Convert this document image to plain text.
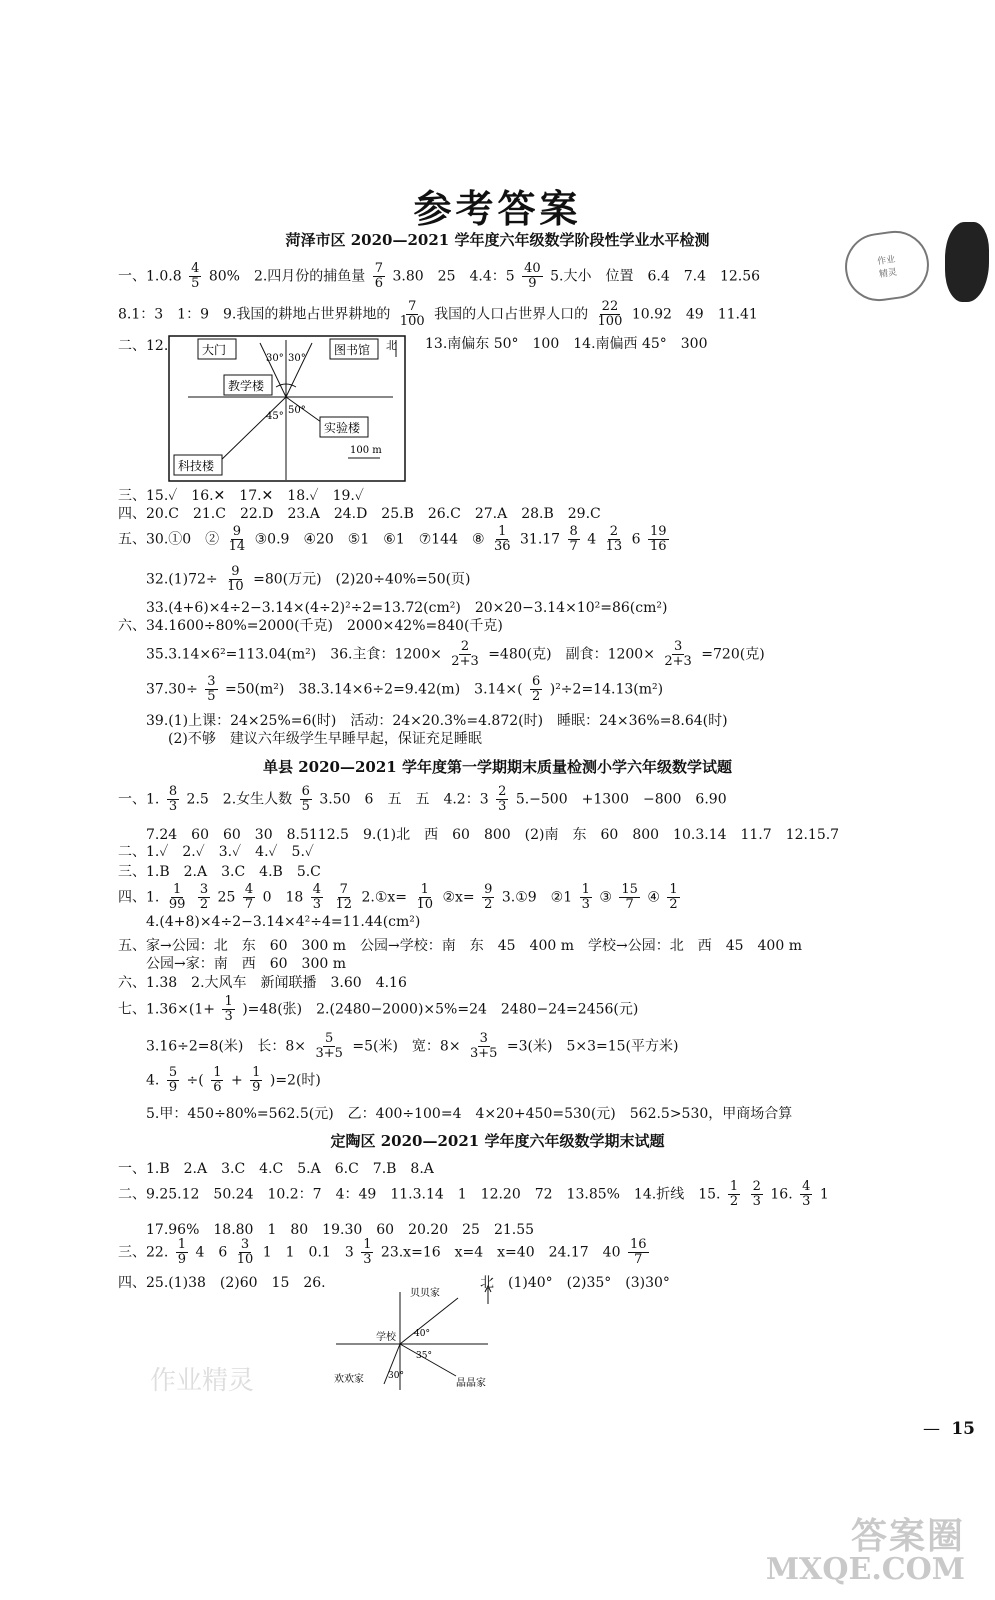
参考答案
作业
精灵
菏泽市区 2020—2021 学年度六年级数学阶段性学业水平检测
一、$1.0.8 \frac{4}{5} 80\%$　 2.四月份的捕鱼量 $\frac{7}{6} 3.80$　25　4.4：$5 \frac{40}{9} 5$.大小　位置　6.4　7.4　12.56
8.1：3　1：9　9.我国的耕地占世界耕地的 $\frac{7}{100}$ 我国的人口占世界人口的 $\frac{22}{100} 10.92$　49　11.41
二、12.	13.南偏东 50°　100　14.南偏西 45°　300
大门	图书馆 北
教学楼
实验楼
科技楼
100 m
30° 30°
45°
50°
三、15.✓　16.✕　17.✕　18.✓　19.✓
四、20.C　21.C　22.D　23.A　24.D　25.B　26.C　27.A　28.B　29.C
五、30.①0　② $\frac{9}{14}$ ③0.9　④20　⑤1　⑥1　⑦144　⑧ $\frac{1}{36} 31.17 \frac{8}{7} 4 \frac{2}{13} 6 \frac{19}{16}$
$32.(1)72\div \frac{9}{10} =80$(万元)　(2)20÷40%=50(页)
33.(4+6)×4÷2−3.14×(4÷2)²÷2=13.72(cm²)　20×20−3.14×10²=86(cm²)
六、34.1600÷80%=2000(千克)　2000×42%=840(千克)
35.3.14×6²=113.04(m²)　36.主食：$1200\times \frac{2}{2+3} =480$(克)　副食：$1200\times \frac{3}{2+3} =720$(克)
$37.30\div \frac{3}{5} =50(m^2)$　38.3.14×6÷2=9.42(m)　$3.14\times( \frac{6}{2} )^2\div 2=14.13(m^2)$
39.(1)上课：24×25%=6(时)　活动：24×20.3%=4.872(时)　睡眠：24×36%=8.64(时)
(2)不够　建议六年级学生早睡早起，保证充足睡眠
单县 2020—2021 学年度第一学期期末质量检测小学六年级数学试题
一、1. $\frac{8}{3} 2.5$　2.女生人数 $\frac{6}{5} 3.50$　6　五　五　4.2：$3 \frac{2}{3} 5.-500$　+1300　−800　6.90
7.24　60　60　30　8.5112.5　9.(1)北　西　60　800　(2)南　东　60　800　10.3.14　11.7　12.15.7
二、1.✓　2.✓　3.✓　4.✓　5.✓
三、1.B　2.A　3.C　4.B　5.C
四、1. $\frac{1}{99}$
$\frac{3}{2} 25 \frac{4}{7} 0$　$18 \frac{4}{3}$
$\frac{7}{12}$ 2.①x= $\frac{1}{10}$ ②x= $\frac{9}{2}$ 3.①9　②1 $\frac{1}{3}$ ③ $\frac{15}{7}$ ④ $\frac{1}{2}$
4.(4+8)×4÷2−3.14×4²÷4=11.44(cm²)
五、家→公园：北　东　60　300 m　公园→学校：南　东　45　400 m　学校→公园：北　西　45　400 m
公园→家：南　西　60　300 m
六、1.38　2.大风车　新闻联播　3.60　4.16
七、$1.36\times(1+ \frac{1}{3} )=48$(张)　2.(2480−2000)×5%=24　2480−24=2456(元)
3.16÷2=8(米)　长：$8\times \frac{5}{3+5} =5$(米)　宽：$8\times \frac{3}{3+5} =3$(米)　5×3=15(平方米)
4. $\frac{5}{9}$ ÷( $\frac{1}{6} + \frac{1}{9} )=2$(时)
5.甲：450÷80%=562.5(元)　乙：400÷100=4　4×20+450=530(元)　562.5>530，甲商场合算
定陶区 2020—2021 学年度六年级数学期末试题
一、1.B　2.A　3.C　4.C　5.A　6.C　7.B　8.A
二、9.25.12　50.24　10.2：7　4：49　11.3.14　1　12.20　72　13.85%　14.折线　15. $\frac{1}{2}$
$\frac{2}{3} 16$. $\frac{4}{3} 1$
17.96%　18.80　1　80　19.30　60　20.20　25　21.55
三、22. $\frac{1}{9} 4$　$6 \frac{3}{10} 1$　1　0.1　$3 \frac{1}{3} 23.x=16$　x=4　x=40　24.17　$40 \frac{16}{7}$
四、25.(1)38　(2)60　15　26.	北　(1)40°　(2)35°　(3)30°
贝贝家
学校
欢欢家	晶晶家
40°
35°
30°
— 15
作业精灵
答案圈
MXQE.COM
